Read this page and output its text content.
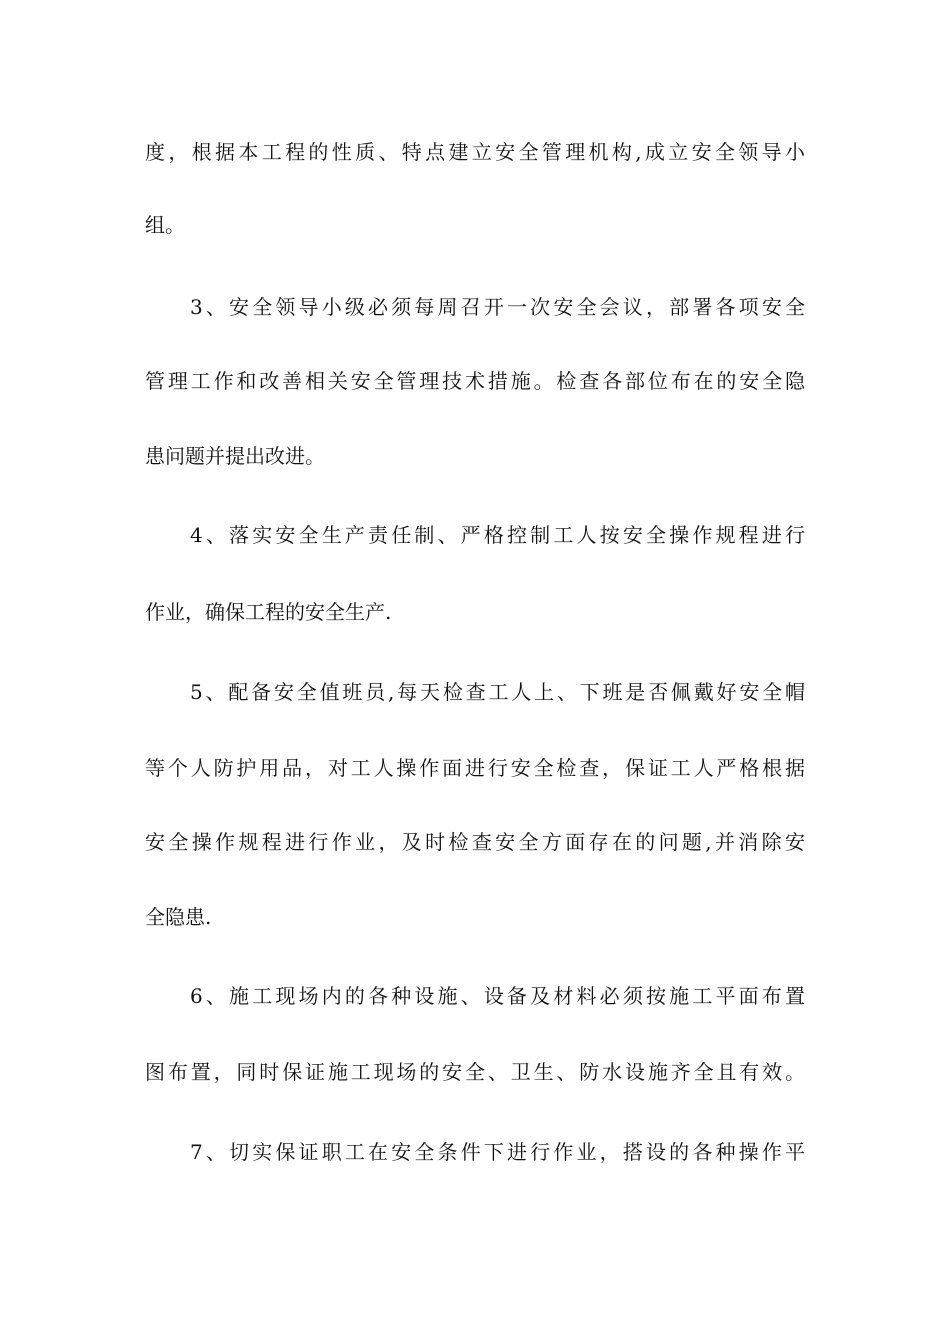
度，根据本工程的性质、特点建立安全管理机构,成立安全领导小
组。
3、安全领导小级必须每周召开一次安全会议，部署各项安全
管理工作和改善相关安全管理技术措施。检查各部位布在的安全隐
患问题并提出改进。
4、落实安全生产责任制、严格控制工人按安全操作规程进行
作业，确保工程的安全生产.
5、配备安全值班员,每天检查工人上、下班是否佩戴好安全帽
等个人防护用品，对工人操作面进行安全检查，保证工人严格根据
安全操作规程进行作业，及时检查安全方面存在的问题,并消除安
全隐患.
6、施工现场内的各种设施、设备及材料必须按施工平面布置
图布置，同时保证施工现场的安全、卫生、防水设施齐全且有效。
7、切实保证职工在安全条件下进行作业，搭设的各种操作平
